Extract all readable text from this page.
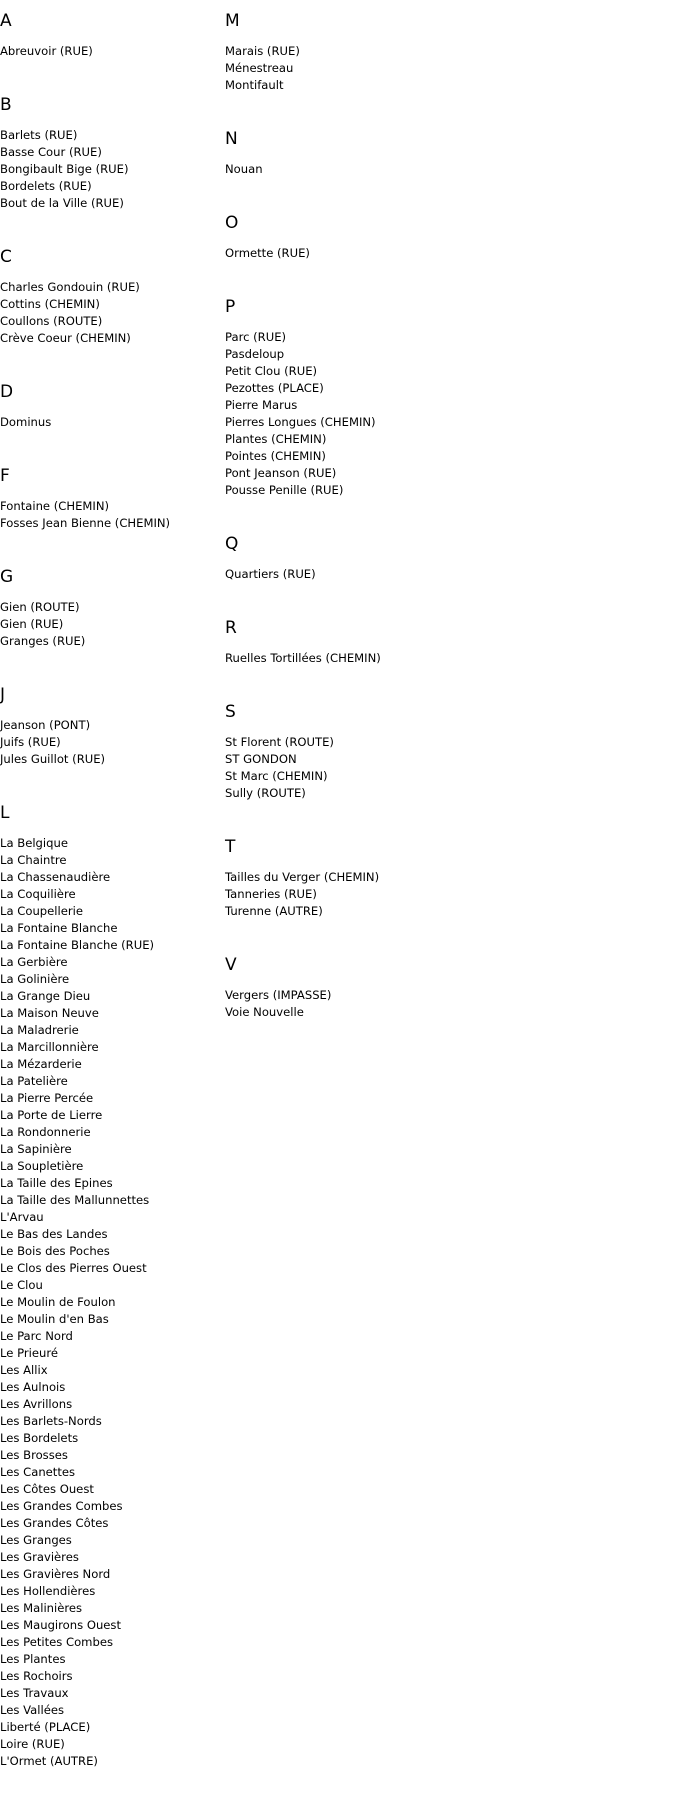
A
Abreuvoir (RUE)
B
Barlets (RUE)
Basse Cour (RUE)
Bongibault Bige (RUE)
Bordelets (RUE)
Bout de la Ville (RUE)
C
Charles Gondouin (RUE)
Cottins (CHEMIN)
Coullons (ROUTE)
Crève Coeur (CHEMIN)
D
Dominus
F
Fontaine (CHEMIN)
Fosses Jean Bienne (CHEMIN)
G
Gien (ROUTE)
Gien (RUE)
Granges (RUE)
J
Jeanson (PONT)
Juifs (RUE)
Jules Guillot (RUE)
L
La Belgique
La Chaintre
La Chassenaudière
La Coquilière
La Coupellerie
La Fontaine Blanche
La Fontaine Blanche (RUE)
La Gerbière
La Golinière
La Grange Dieu
La Maison Neuve
La Maladrerie
La Marcillonnière
La Mézarderie
La Patelière
La Pierre Percée
La Porte de Lierre
La Rondonnerie
La Sapinière
La Soupletière
La Taille des Epines
La Taille des Mallunnettes
L'Arvau
Le Bas des Landes
Le Bois des Poches
Le Clos des Pierres Ouest
Le Clou
Le Moulin de Foulon
Le Moulin d'en Bas
Le Parc Nord
Le Prieuré
Les Allix
Les Aulnois
Les Avrillons
Les Barlets-Nords
Les Bordelets
Les Brosses
Les Canettes
Les Côtes Ouest
Les Grandes Combes
Les Grandes Côtes
Les Granges
Les Gravières
Les Gravières Nord
Les Hollendières
Les Malinières
Les Maugirons Ouest
Les Petites Combes
Les Plantes
Les Rochoirs
Les Travaux
Les Vallées
Liberté (PLACE)
Loire (RUE)
L'Ormet (AUTRE)
M
Marais (RUE)
Ménestreau
Montifault
N
Nouan
O
Ormette (RUE)
P
Parc (RUE)
Pasdeloup
Petit Clou (RUE)
Pezottes (PLACE)
Pierre Marus
Pierres Longues (CHEMIN)
Plantes (CHEMIN)
Pointes (CHEMIN)
Pont Jeanson (RUE)
Pousse Penille (RUE)
Q
Quartiers (RUE)
R
Ruelles Tortillées (CHEMIN)
S
St Florent (ROUTE)
ST GONDON
St Marc (CHEMIN)
Sully (ROUTE)
T
Tailles du Verger (CHEMIN)
Tanneries (RUE)
Turenne (AUTRE)
V
Vergers (IMPASSE)
Voie Nouvelle
